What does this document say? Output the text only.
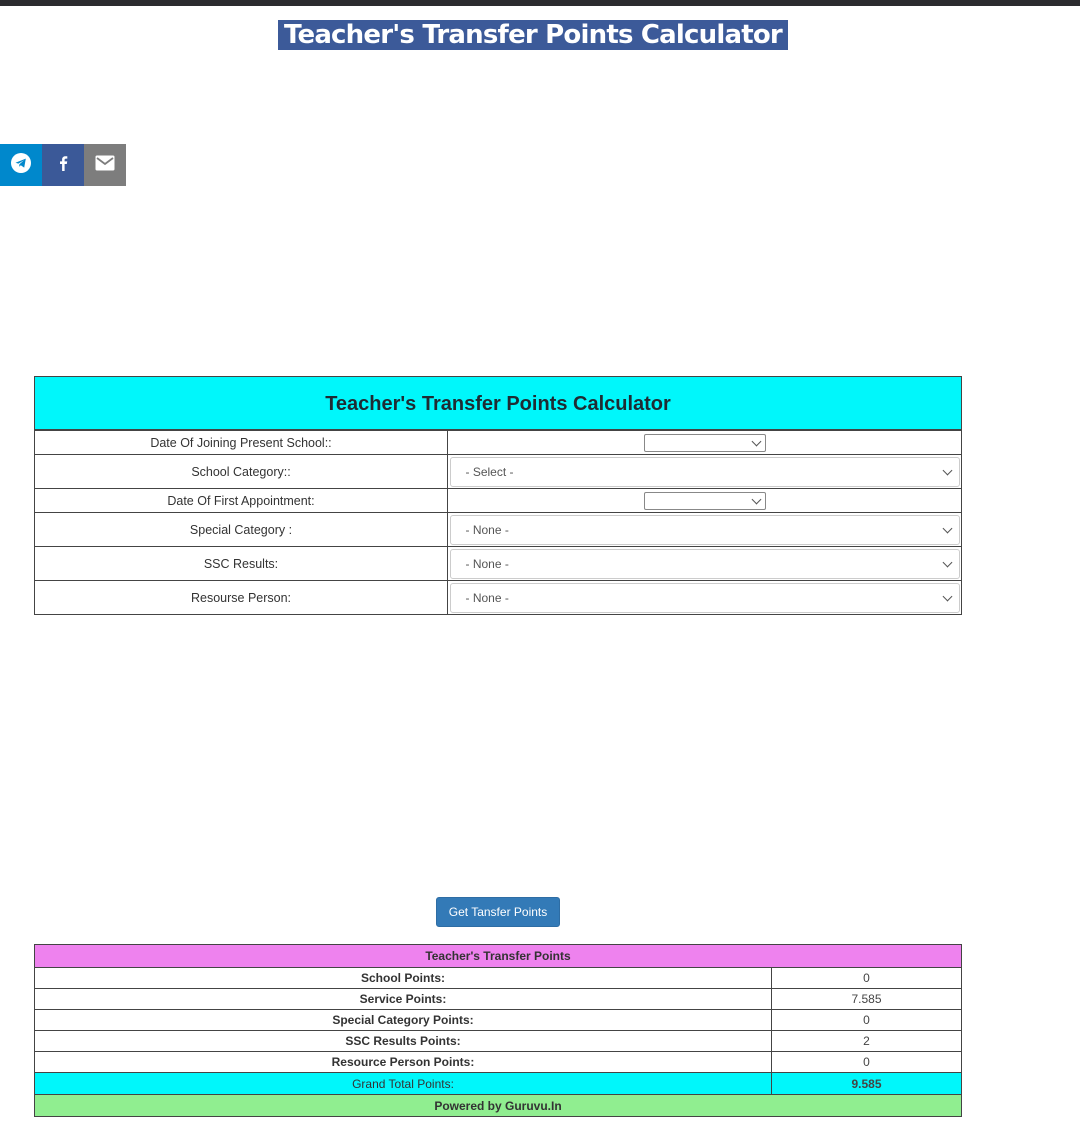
Teacher's Transfer Points Calculator
Teacher's Transfer Points Calculator
Date Of Joining Present School::
School Category::	- Select -
Date Of First Appointment:
Special Category :	- None -
SSC Results:	- None -
Resourse Person:	- None -
Get Tansfer Points
Teacher's Transfer Points	
School Points:	0
Service Points:	7.585
Special Category Points:	0
SSC Results Points:	2
Resource Person Points:	0
Grand Total Points:	9.585
Powered by Guruvu.In	
